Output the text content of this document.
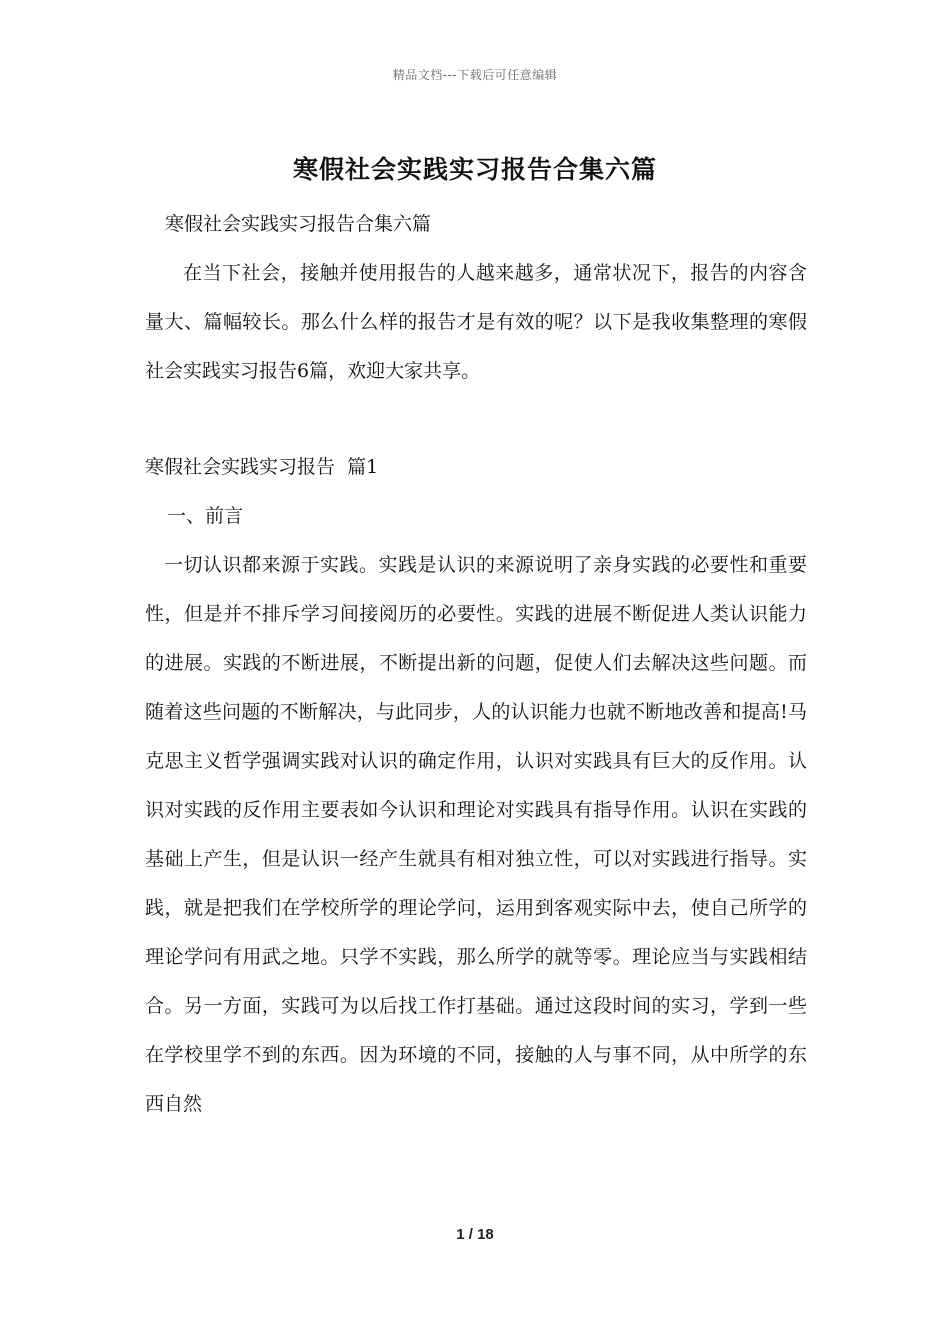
精品文档---下载后可任意编辑
寒假社会实践实习报告合集六篇

寒假社会实践实习报告合集六篇

在当下社会，接触并使用报告的人越来越多，通常状况下，报告的内容含量大、篇幅较长。那么什么样的报告才是有效的呢？以下是我收集整理的寒假社会实践实习报告6篇，欢迎大家共享。

寒假社会实践实习报告  篇1

一、前言

一切认识都来源于实践。实践是认识的来源说明了亲身实践的必要性和重要性，但是并不排斥学习间接阅历的必要性。实践的进展不断促进人类认识能力的进展。实践的不断进展，不断提出新的问题，促使人们去解决这些问题。而随着这些问题的不断解决，与此同步，人的认识能力也就不断地改善和提高!马克思主义哲学强调实践对认识的确定作用，认识对实践具有巨大的反作用。认识对实践的反作用主要表如今认识和理论对实践具有指导作用。认识在实践的基础上产生，但是认识一经产生就具有相对独立性，可以对实践进行指导。实践，就是把我们在学校所学的理论学问，运用到客观实际中去，使自己所学的理论学问有用武之地。只学不实践，那么所学的就等零。理论应当与实践相结合。另一方面，实践可为以后找工作打基础。通过这段时间的实习，学到一些在学校里学不到的东西。因为环境的不同，接触的人与事不同，从中所学的东西自然

1 / 18
